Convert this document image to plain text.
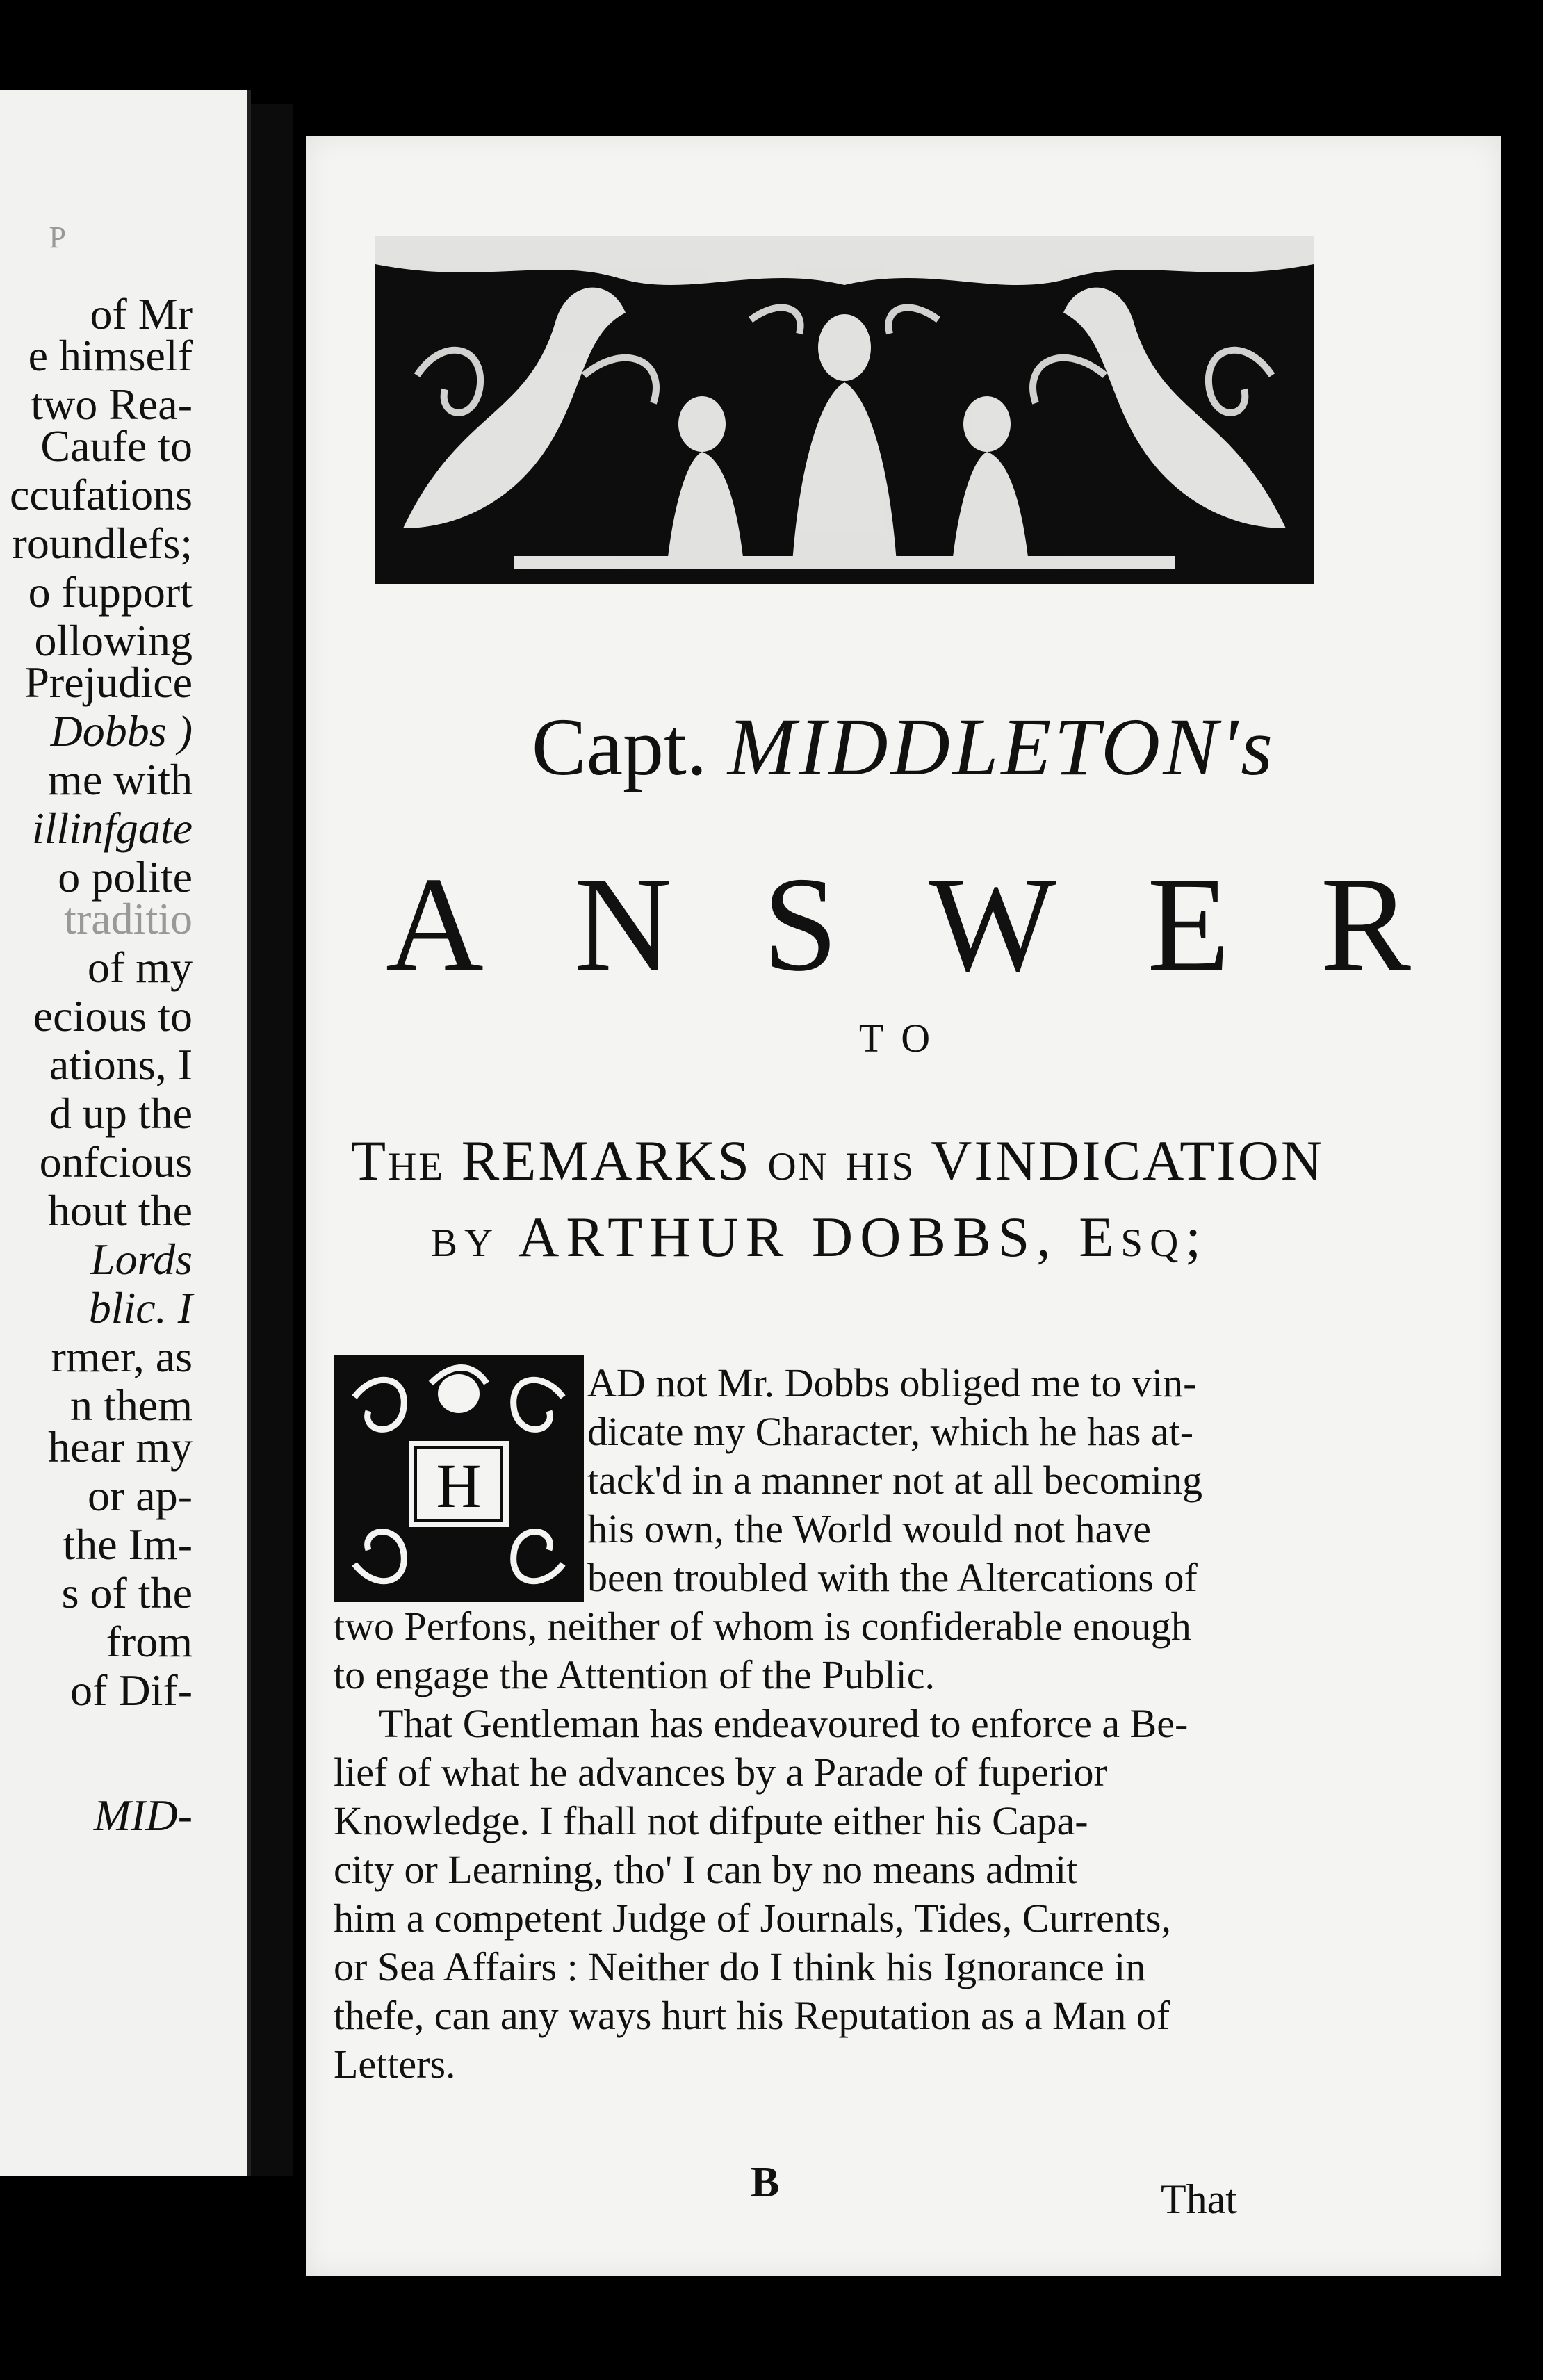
P
of Mr
e himself
two Rea-
Caufe to
ccufations
roundlefs;
o fupport
ollowing
Prejudice
Dobbs )
me with
illinfgate
o polite
traditio
of my
ecious to
ations, I
d up the
onfcious
hout the
Lords
blic. I
rmer, as
n them
hear my
or ap-
the Im-
s of the
from
of Dif-
MID-
Capt. MIDDLETON's
A N S W E R
TO
The REMARKS on his VINDICATION
by ARTHUR DOBBS, Esq;
H
AD not Mr. Dobbs obliged me to vin-
dicate my Character, which he has at-
tack'd in a manner not at all becoming
his own, the World would not have
been troubled with the Altercations of
two Perfons, neither of whom is confiderable enough
to engage the Attention of the Public.
That Gentleman has endeavoured to enforce a Be-
lief of what he advances by a Parade of fuperior
Knowledge. I fhall not difpute either his Capa-
city or Learning, tho' I can by no means admit
him a competent Judge of Journals, Tides, Currents,
or Sea Affairs : Neither do I think his Ignorance in
thefe, can any ways hurt his Reputation as a Man of
Letters.
B	That
